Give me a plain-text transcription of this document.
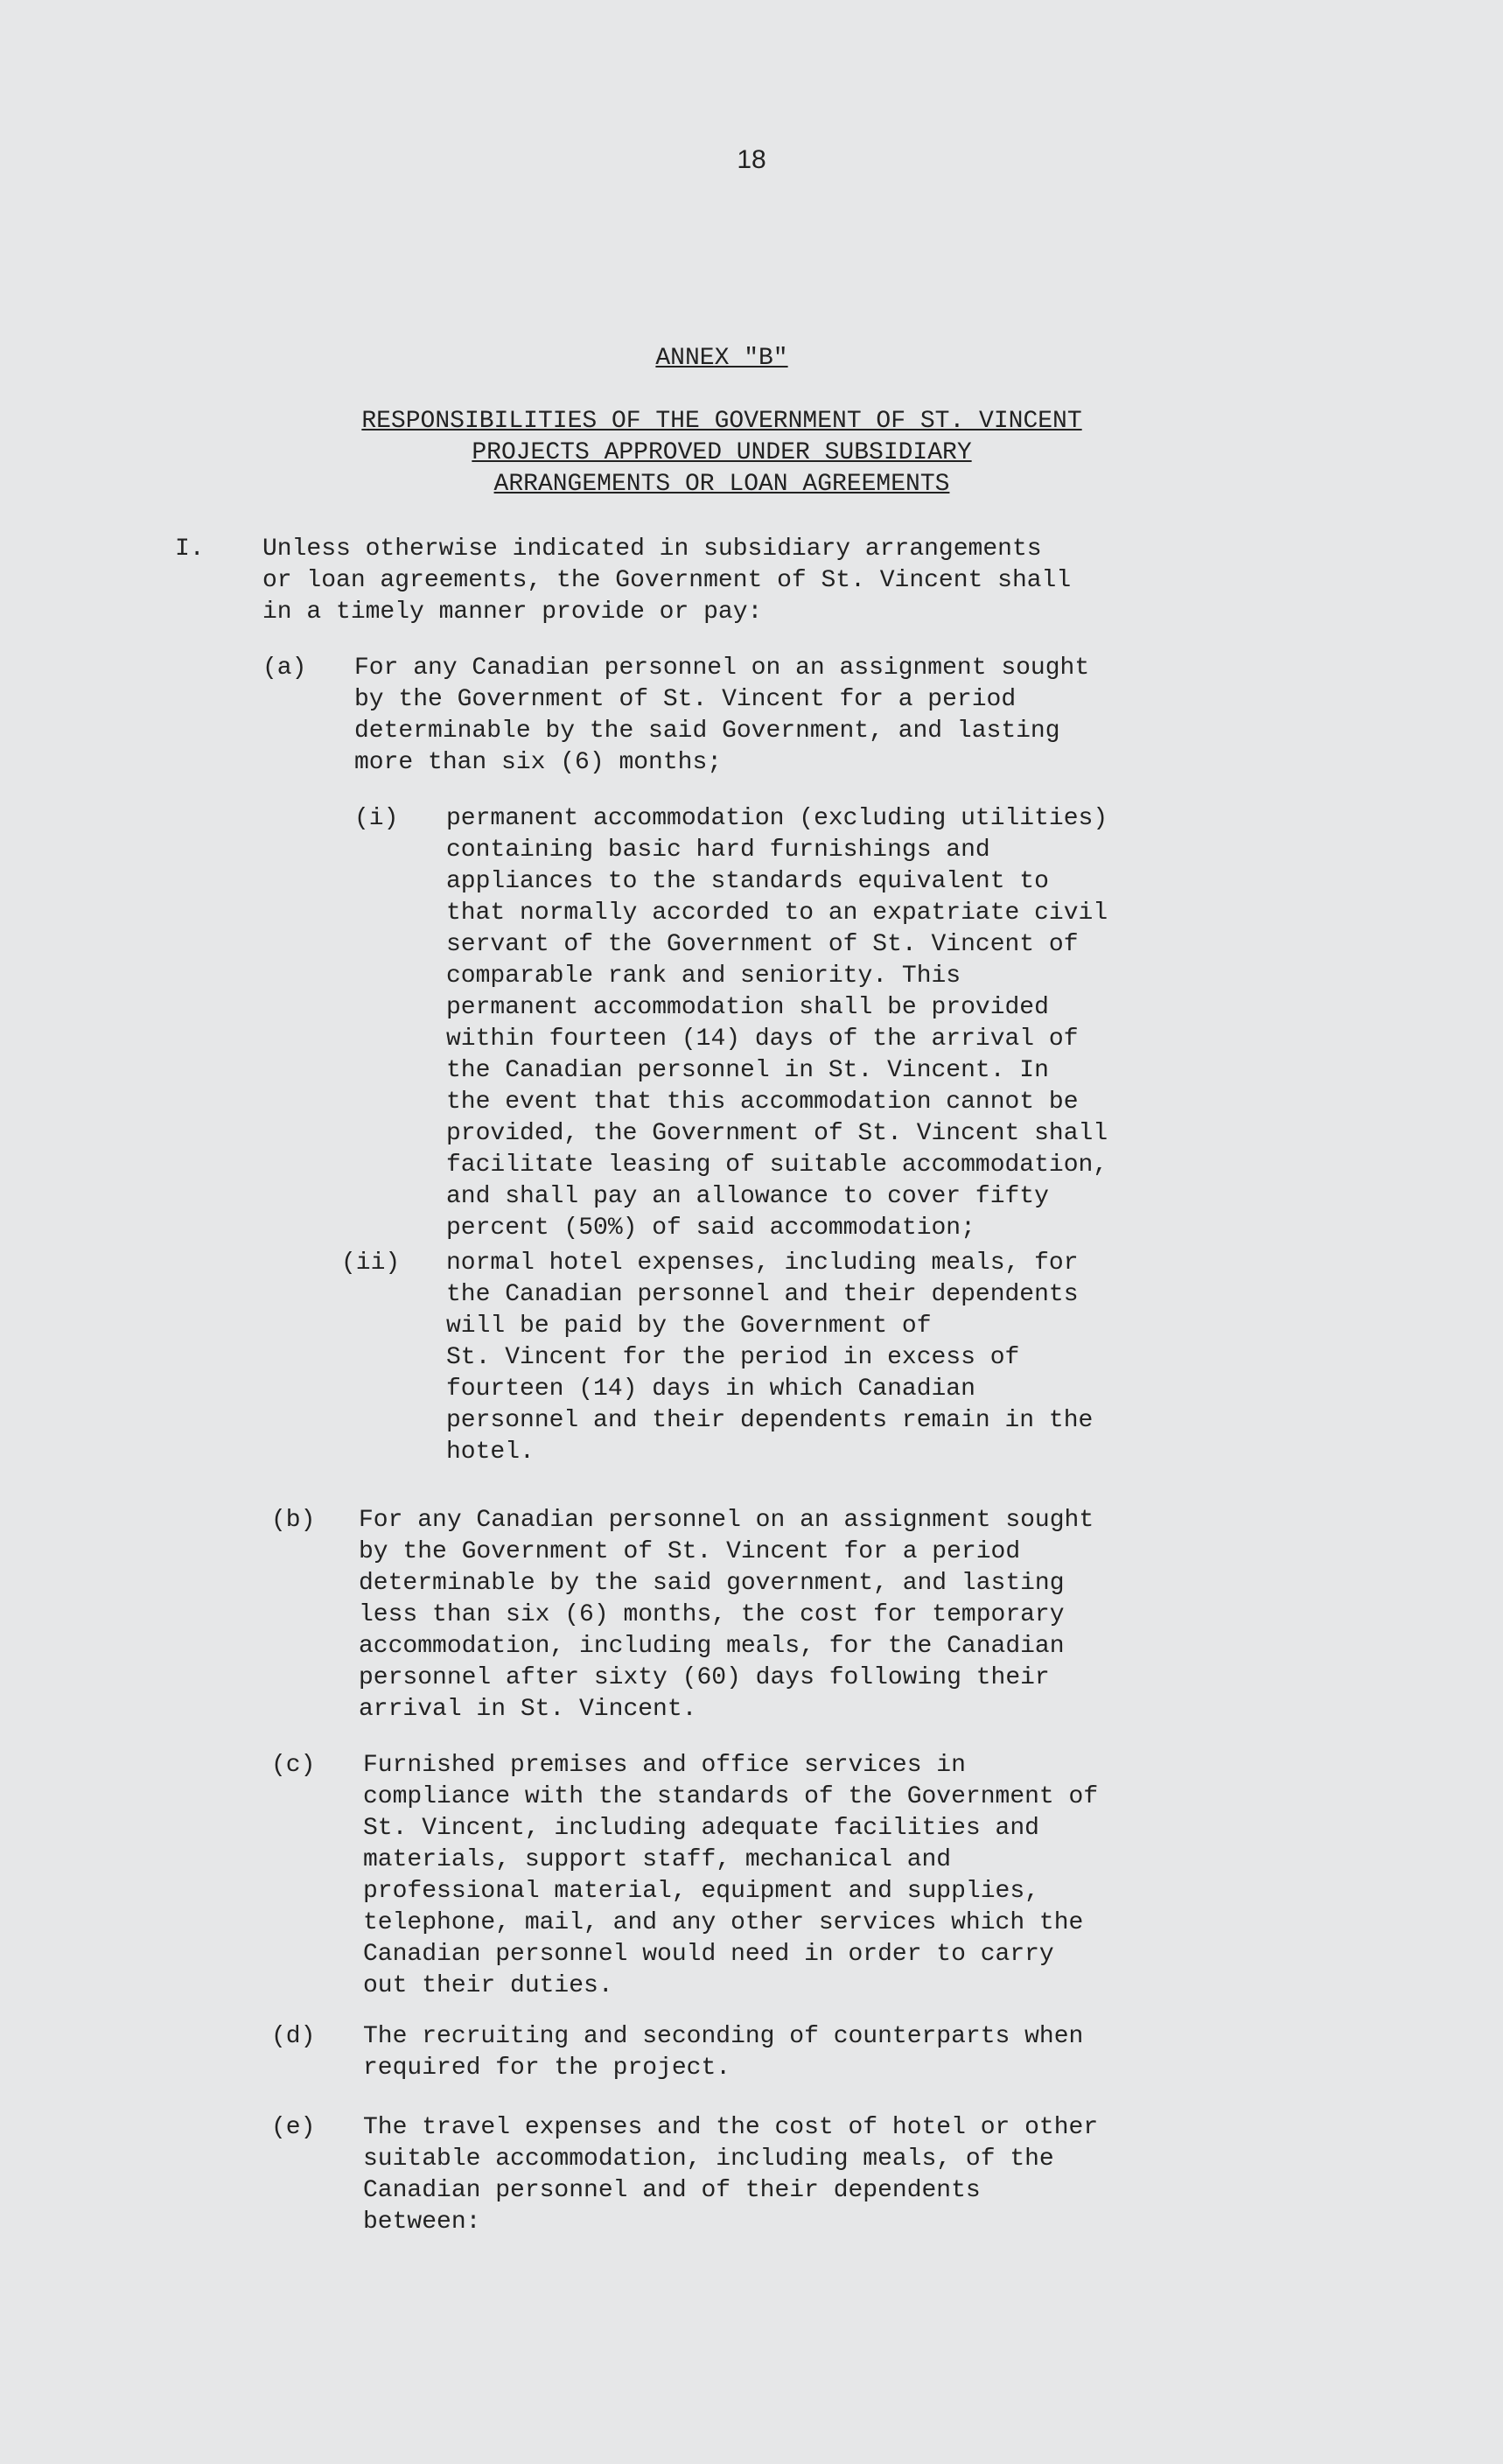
18
ANNEX "B"
RESPONSIBILITIES OF THE GOVERNMENT OF ST. VINCENT
PROJECTS APPROVED UNDER SUBSIDIARY
ARRANGEMENTS OR LOAN AGREEMENTS

I.

Unless otherwise indicated in subsidiary arrangements
or loan agreements, the Government of St. Vincent shall
in a timely manner provide or pay:

(a)

For any Canadian personnel on an assignment sought
by the Government of St. Vincent for a period
determinable by the said Government, and lasting
more than six (6) months;

(i)

permanent accommodation (excluding utilities)
containing basic hard furnishings and
appliances to the standards equivalent to
that normally accorded to an expatriate civil
servant of the Government of St. Vincent of
comparable rank and seniority. This
permanent accommodation shall be provided
within fourteen (14) days of the arrival of
the Canadian personnel in St. Vincent. In
the event that this accommodation cannot be
provided, the Government of St. Vincent shall
facilitate leasing of suitable accommodation,
and shall pay an allowance to cover fifty
percent (50%) of said accommodation;

(ii)

normal hotel expenses, including meals, for
the Canadian personnel and their dependents
will be paid by the Government of
St. Vincent for the period in excess of
fourteen (14) days in which Canadian
personnel and their dependents remain in the
hotel.

(b)

For any Canadian personnel on an assignment sought
by the Government of St. Vincent for a period
determinable by the said government, and lasting
less than six (6) months, the cost for temporary
accommodation, including meals, for the Canadian
personnel after sixty (60) days following their
arrival in St. Vincent.

(c)

Furnished premises and office services in
compliance with the standards of the Government of
St. Vincent, including adequate facilities and
materials, support staff, mechanical and
professional material, equipment and supplies,
telephone, mail, and any other services which the
Canadian personnel would need in order to carry
out their duties.

(d)

The recruiting and seconding of counterparts when
required for the project.

(e)

The travel expenses and the cost of hotel or other
suitable accommodation, including meals, of the
Canadian personnel and of their dependents
between:
